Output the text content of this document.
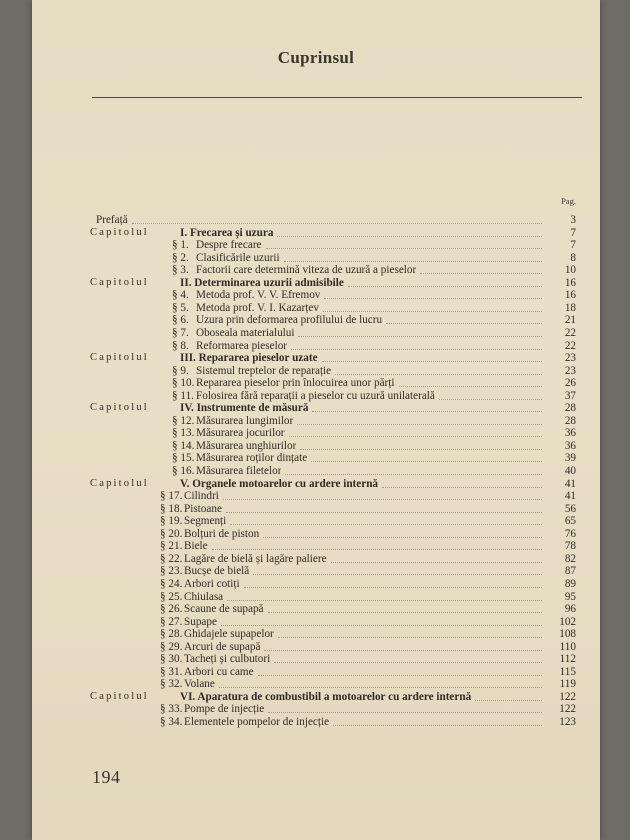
Cuprinsul
Pag.
Prefață	3
Capitolul	I. Frecarea și uzura	7
§ 1. Despre frecare	7
§ 2. Clasificările uzurii	8
§ 3. Factorii care determină viteza de uzură a pieselor	10
Capitolul	II. Determinarea uzurii admisibile	16
§ 4. Metoda prof. V. V. Efremov	16
§ 5. Metoda prof. V. I. Kazarțev	18
§ 6. Uzura prin deformarea profilului de lucru	21
§ 7. Oboseala materialului	22
§ 8. Reformarea pieselor	22
Capitolul	III. Repararea pieselor uzate	23
§ 9. Sistemul treptelor de reparație	23
§ 10. Repararea pieselor prin înlocuirea unor părți	26
§ 11. Folosirea fără reparații a pieselor cu uzură unilaterală	37
Capitolul	IV. Instrumente de măsură	28
§ 12. Măsurarea lungimilor	28
§ 13. Măsurarea jocurilor	36
§ 14. Măsurarea unghiurilor	36
§ 15. Măsurarea roților dințate	39
§ 16. Măsurarea filetelor	40
Capitolul	V. Organele motoarelor cu ardere internă	41
§ 17. Cilindri	41
§ 18. Pistoane	56
§ 19. Segmenți	65
§ 20. Bolțuri de piston	76
§ 21. Biele	78
§ 22. Lagăre de bielă și lagăre paliere	82
§ 23. Bucșe de bielă	87
§ 24. Arbori cotiți	89
§ 25. Chiulasa	95
§ 26. Scaune de supapă	96
§ 27. Supape	102
§ 28. Ghidajele supapelor	108
§ 29. Arcuri de supapă	110
§ 30. Tacheți și culbutori	112
§ 31. Arbori cu came	115
§ 32. Volane	119
Capitolul	VI. Aparatura de combustibil a motoarelor cu ardere internă	122
§ 33. Pompe de injecție	122
§ 34. Elementele pompelor de injecție	123
194
